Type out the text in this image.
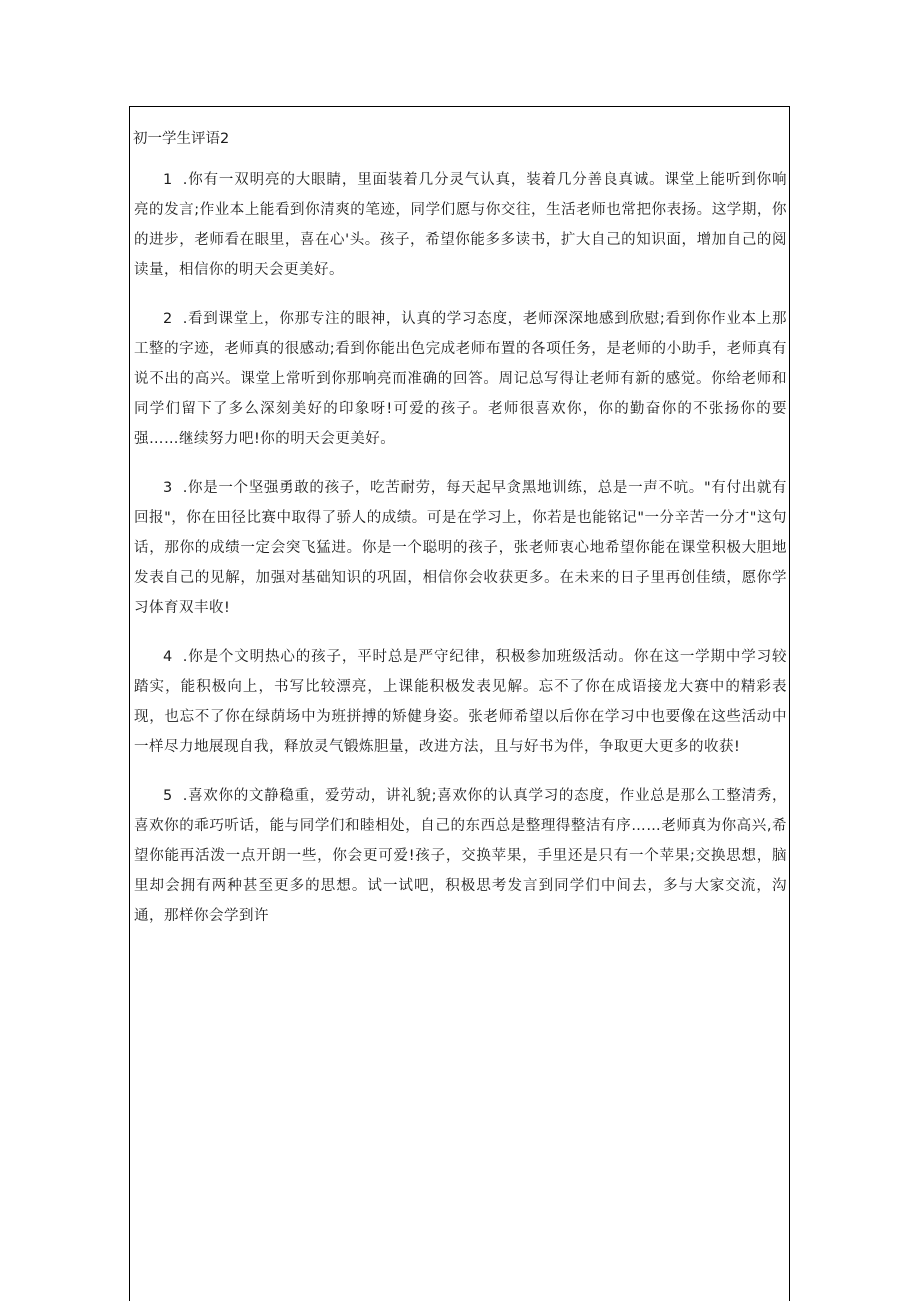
初一学生评语2

1 .你有一双明亮的大眼睛，里面装着几分灵气认真，装着几分善良真诚。课堂上能听到你响亮的发言;作业本上能看到你清爽的笔迹，同学们愿与你交往，生活老师也常把你表扬。这学期，你的进步，老师看在眼里，喜在心'头。孩子，希望你能多多读书，扩大自己的知识面，增加自己的阅读量，相信你的明天会更美好。

2 .看到课堂上，你那专注的眼神，认真的学习态度，老师深深地感到欣慰;看到你作业本上那工整的字迹，老师真的很感动;看到你能出色完成老师布置的各项任务，是老师的小助手，老师真有说不出的高兴。课堂上常听到你那响亮而准确的回答。周记总写得让老师有新的感觉。你给老师和同学们留下了多么深刻美好的印象呀!可爱的孩子。老师很喜欢你，你的勤奋你的不张扬你的要强……继续努力吧!你的明天会更美好。

3 .你是一个坚强勇敢的孩子，吃苦耐劳，每天起早贪黑地训练，总是一声不吭。"有付出就有回报"，你在田径比赛中取得了骄人的成绩。可是在学习上，你若是也能铭记"一分辛苦一分才"这句话，那你的成绩一定会突飞猛进。你是一个聪明的孩子，张老师衷心地希望你能在课堂积极大胆地发表自己的见解，加强对基础知识的巩固，相信你会收获更多。在未来的日子里再创佳绩，愿你学习体育双丰收!

4 .你是个文明热心的孩子，平时总是严守纪律，积极参加班级活动。你在这一学期中学习较踏实，能积极向上，书写比较漂亮，上课能积极发表见解。忘不了你在成语接龙大赛中的精彩表现，也忘不了你在绿荫场中为班拼搏的矫健身姿。张老师希望以后你在学习中也要像在这些活动中一样尽力地展现自我，释放灵气锻炼胆量，改进方法，且与好书为伴，争取更大更多的收获!

5 .喜欢你的文静稳重，爱劳动，讲礼貌;喜欢你的认真学习的态度，作业总是那么工整清秀，喜欢你的乖巧听话，能与同学们和睦相处，自己的东西总是整理得整洁有序……老师真为你高兴,希望你能再活泼一点开朗一些，你会更可爱!孩子，交换苹果，手里还是只有一个苹果;交换思想，脑里却会拥有两种甚至更多的思想。试一试吧，积极思考发言到同学们中间去，多与大家交流，沟通，那样你会学到许
